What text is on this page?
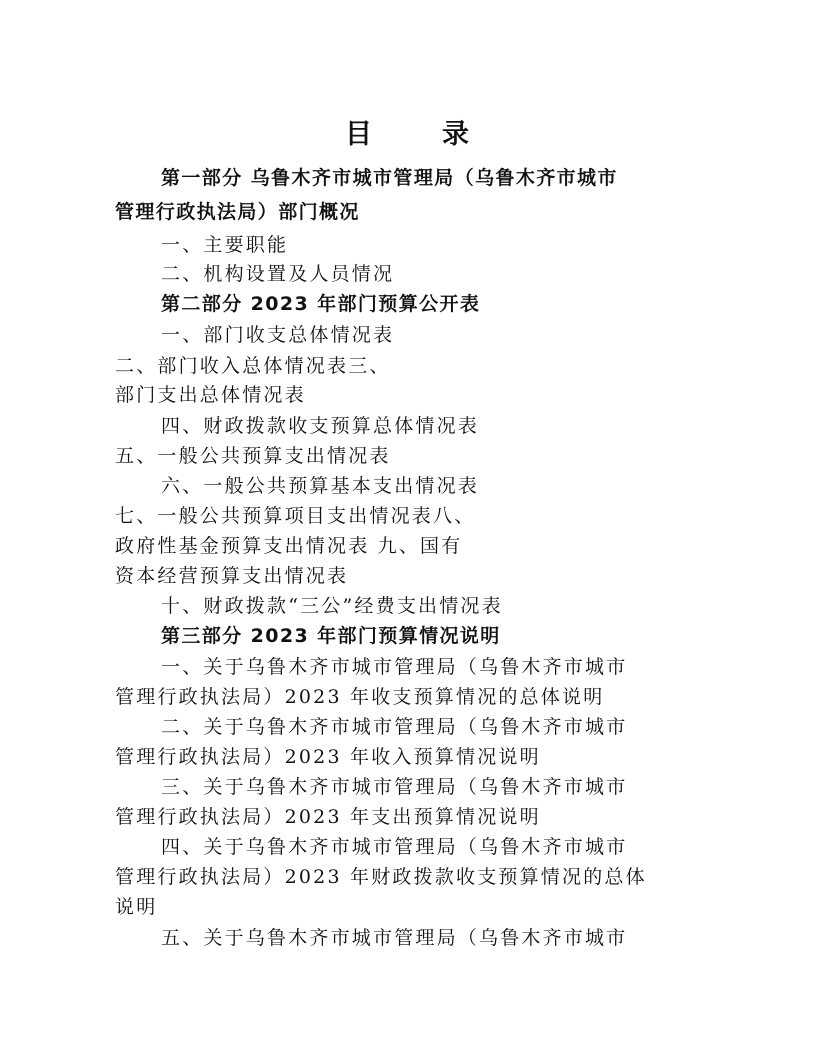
目	录
第一部分 乌鲁木齐市城市管理局（乌鲁木齐市城市
管理行政执法局）部门概况
一、主要职能
二、机构设置及人员情况
第二部分 2023 年部门预算公开表
一、部门收支总体情况表
二、部门收入总体情况表三、
部门支出总体情况表
四、财政拨款收支预算总体情况表
五、一般公共预算支出情况表
六、一般公共预算基本支出情况表
七、一般公共预算项目支出情况表八、
政府性基金预算支出情况表 九、国有
资本经营预算支出情况表
十、财政拨款“三公”经费支出情况表
第三部分 2023 年部门预算情况说明
一、关于乌鲁木齐市城市管理局（乌鲁木齐市城市
管理行政执法局）2023 年收支预算情况的总体说明
二、关于乌鲁木齐市城市管理局（乌鲁木齐市城市
管理行政执法局）2023 年收入预算情况说明
三、关于乌鲁木齐市城市管理局（乌鲁木齐市城市
管理行政执法局）2023 年支出预算情况说明
四、关于乌鲁木齐市城市管理局（乌鲁木齐市城市
管理行政执法局）2023 年财政拨款收支预算情况的总体
说明
五、关于乌鲁木齐市城市管理局（乌鲁木齐市城市
